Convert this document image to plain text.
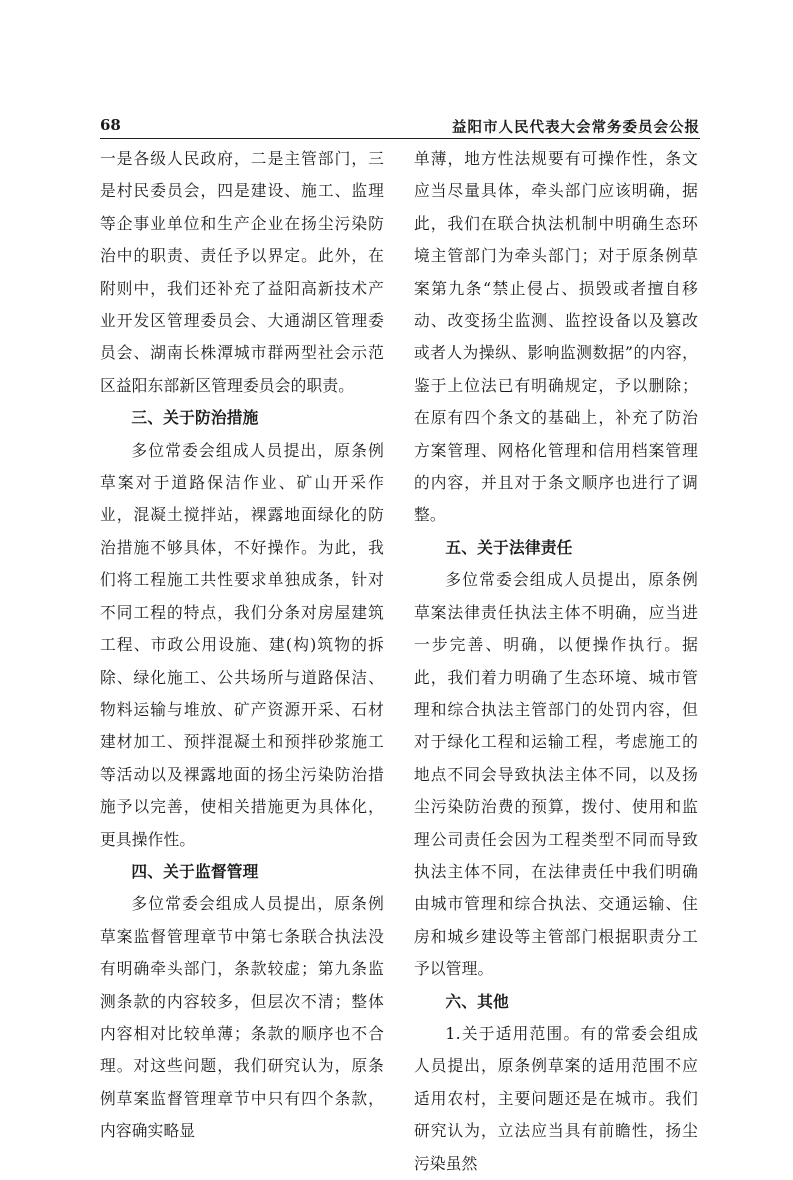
68	益阳市人民代表大会常务委员会公报

一是各级人民政府，二是主管部门，三是村民委员会，四是建设、施工、监理等企事业单位和生产企业在扬尘污染防治中的职责、责任予以界定。此外，在附则中，我们还补充了益阳高新技术产业开发区管理委员会、大通湖区管理委员会、湖南长株潭城市群两型社会示范区益阳东部新区管理委员会的职责。

三、关于防治措施

多位常委会组成人员提出，原条例草案对于道路保洁作业、矿山开采作业，混凝土搅拌站，裸露地面绿化的防治措施不够具体，不好操作。为此，我们将工程施工共性要求单独成条，针对不同工程的特点，我们分条对房屋建筑工程、市政公用设施、建(构)筑物的拆除、绿化施工、公共场所与道路保洁、物料运输与堆放、矿产资源开采、石材建材加工、预拌混凝土和预拌砂浆施工等活动以及裸露地面的扬尘污染防治措施予以完善，使相关措施更为具体化，更具操作性。

四、关于监督管理

多位常委会组成人员提出，原条例草案监督管理章节中第七条联合执法没有明确牵头部门，条款较虚；第九条监测条款的内容较多，但层次不清；整体内容相对比较单薄；条款的顺序也不合理。对这些问题，我们研究认为，原条例草案监督管理章节中只有四个条款，内容确实略显

单薄，地方性法规要有可操作性，条文应当尽量具体，牵头部门应该明确，据此，我们在联合执法机制中明确生态环境主管部门为牵头部门；对于原条例草案第九条“禁止侵占、损毁或者擅自移动、改变扬尘监测、监控设备以及篡改或者人为操纵、影响监测数据”的内容，鉴于上位法已有明确规定，予以删除；在原有四个条文的基础上，补充了防治方案管理、网格化管理和信用档案管理的内容，并且对于条文顺序也进行了调整。

五、关于法律责任

多位常委会组成人员提出，原条例草案法律责任执法主体不明确，应当进一步完善、明确，以便操作执行。据此，我们着力明确了生态环境、城市管理和综合执法主管部门的处罚内容，但对于绿化工程和运输工程，考虑施工的地点不同会导致执法主体不同，以及扬尘污染防治费的预算，拨付、使用和监理公司责任会因为工程类型不同而导致执法主体不同，在法律责任中我们明确由城市管理和综合执法、交通运输、住房和城乡建设等主管部门根据职责分工予以管理。

六、其他

1.关于适用范围。有的常委会组成人员提出，原条例草案的适用范围不应适用农村，主要问题还是在城市。我们研究认为，立法应当具有前瞻性，扬尘污染虽然
